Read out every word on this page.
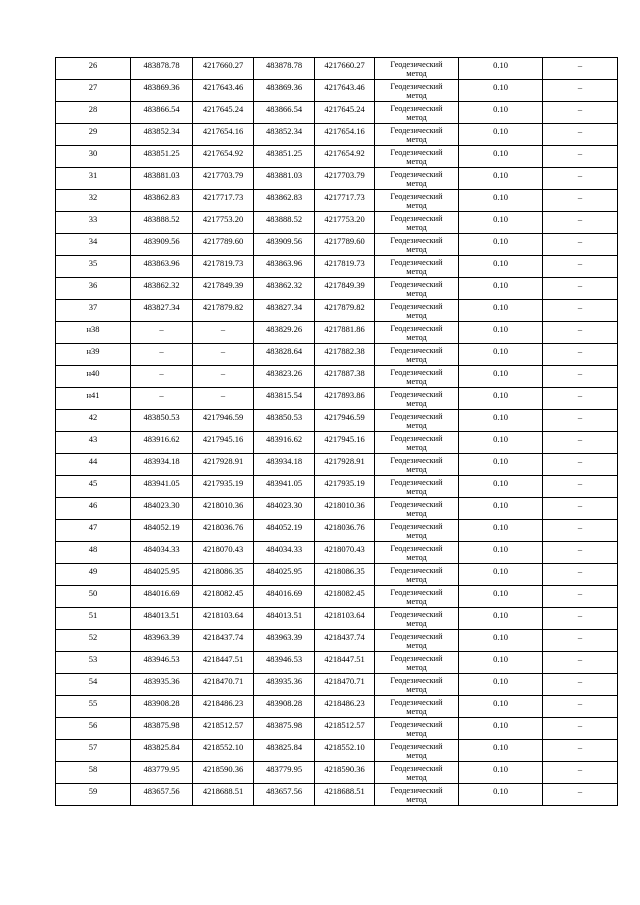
26	483878.78	4217660.27	483878.78	4217660.27	Геодезический
метод	0.10	–
27	483869.36	4217643.46	483869.36	4217643.46	Геодезический
метод	0.10	–
28	483866.54	4217645.24	483866.54	4217645.24	Геодезический
метод	0.10	–
29	483852.34	4217654.16	483852.34	4217654.16	Геодезический
метод	0.10	–
30	483851.25	4217654.92	483851.25	4217654.92	Геодезический
метод	0.10	–
31	483881.03	4217703.79	483881.03	4217703.79	Геодезический
метод	0.10	–
32	483862.83	4217717.73	483862.83	4217717.73	Геодезический
метод	0.10	–
33	483888.52	4217753.20	483888.52	4217753.20	Геодезический
метод	0.10	–
34	483909.56	4217789.60	483909.56	4217789.60	Геодезический
метод	0.10	–
35	483863.96	4217819.73	483863.96	4217819.73	Геодезический
метод	0.10	–
36	483862.32	4217849.39	483862.32	4217849.39	Геодезический
метод	0.10	–
37	483827.34	4217879.82	483827.34	4217879.82	Геодезический
метод	0.10	–
н38	–	–	483829.26	4217881.86	Геодезический
метод	0.10	–
н39	–	–	483828.64	4217882.38	Геодезический
метод	0.10	–
н40	–	–	483823.26	4217887.38	Геодезический
метод	0.10	–
н41	–	–	483815.54	4217893.86	Геодезический
метод	0.10	–
42	483850.53	4217946.59	483850.53	4217946.59	Геодезический
метод	0.10	–
43	483916.62	4217945.16	483916.62	4217945.16	Геодезический
метод	0.10	–
44	483934.18	4217928.91	483934.18	4217928.91	Геодезический
метод	0.10	–
45	483941.05	4217935.19	483941.05	4217935.19	Геодезический
метод	0.10	–
46	484023.30	4218010.36	484023.30	4218010.36	Геодезический
метод	0.10	–
47	484052.19	4218036.76	484052.19	4218036.76	Геодезический
метод	0.10	–
48	484034.33	4218070.43	484034.33	4218070.43	Геодезический
метод	0.10	–
49	484025.95	4218086.35	484025.95	4218086.35	Геодезический
метод	0.10	–
50	484016.69	4218082.45	484016.69	4218082.45	Геодезический
метод	0.10	–
51	484013.51	4218103.64	484013.51	4218103.64	Геодезический
метод	0.10	–
52	483963.39	4218437.74	483963.39	4218437.74	Геодезический
метод	0.10	–
53	483946.53	4218447.51	483946.53	4218447.51	Геодезический
метод	0.10	–
54	483935.36	4218470.71	483935.36	4218470.71	Геодезический
метод	0.10	–
55	483908.28	4218486.23	483908.28	4218486.23	Геодезический
метод	0.10	–
56	483875.98	4218512.57	483875.98	4218512.57	Геодезический
метод	0.10	–
57	483825.84	4218552.10	483825.84	4218552.10	Геодезический
метод	0.10	–
58	483779.95	4218590.36	483779.95	4218590.36	Геодезический
метод	0.10	–
59	483657.56	4218688.51	483657.56	4218688.51	Геодезический
метод	0.10	–
